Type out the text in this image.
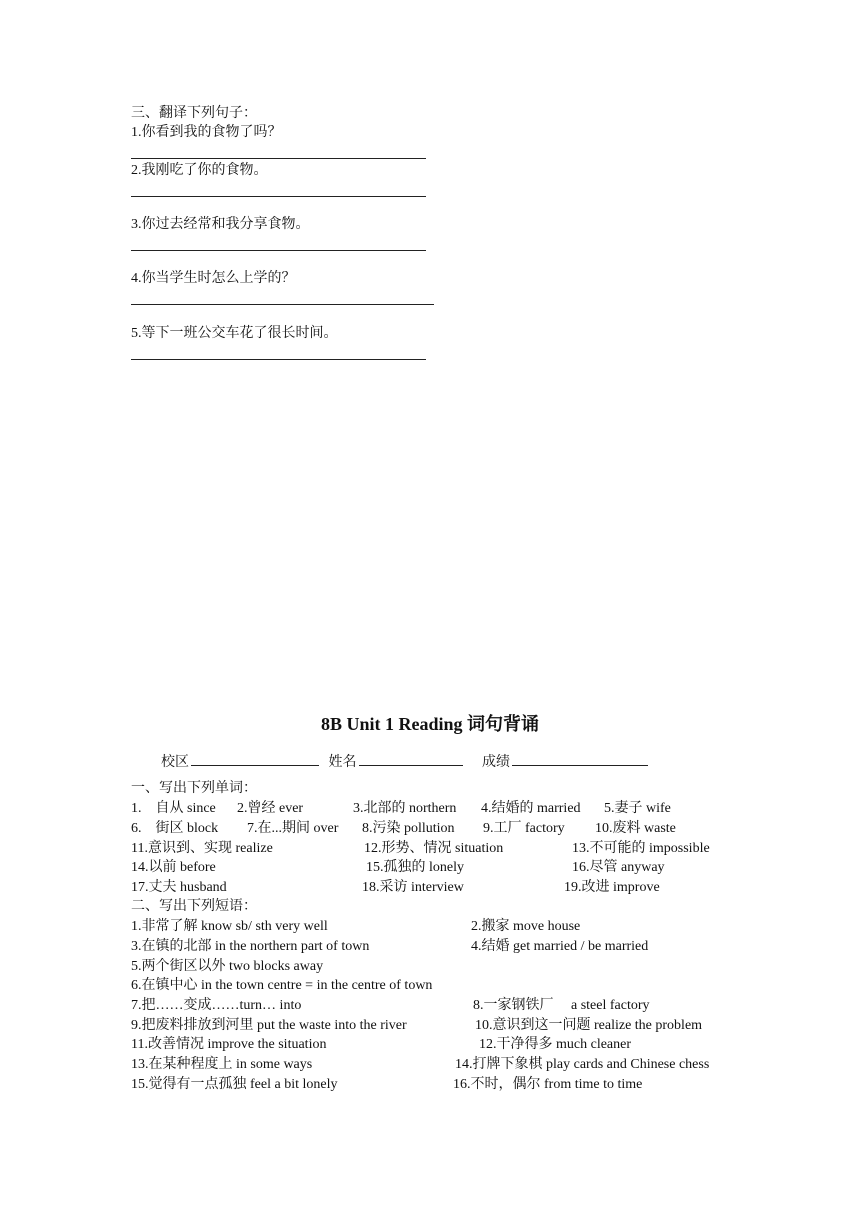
三、翻译下列句子：
1.你看到我的食物了吗？
2.我刚吃了你的食物。
3.你过去经常和我分享食物。
4.你当学生时怎么上学的？
5.等下一班公交车花了很长时间。
8B Unit 1 Reading 词句背诵
校区	姓名	成绩
一、写出下列单词：
1.　自从 since 2.曾经 ever	3.北部的 northern 4.结婚的 married 5.妻子 wife
6.　街区 block 7.在...期间 over 8.污染 pollution 9.工厂 factory 10.废料 waste
11.意识到、实现 realize	12.形势、情况 situation	13.不可能的 impossible
14.以前 before	15.孤独的 lonely	16.尽管 anyway
17.丈夫 husband	18.采访 interview	19.改进 improve
二、写出下列短语：
1.非常了解 know sb/ sth very well	2.搬家 move house
3.在镇的北部 in the northern part of town	4.结婚 get married / be married
5.两个街区以外 two blocks away
6.在镇中心 in the town centre = in the centre of town
7.把……变成……turn… into	8.一家钢铁厂　 a steel factory
9.把废料排放到河里 put the waste into the river	10.意识到这一问题 realize the problem
11.改善情况 improve the situation	12.干净得多 much cleaner
13.在某种程度上 in some ways	14.打牌下象棋 play cards and Chinese chess
15.觉得有一点孤独 feel a bit lonely	16.不时，偶尔 from time to time
